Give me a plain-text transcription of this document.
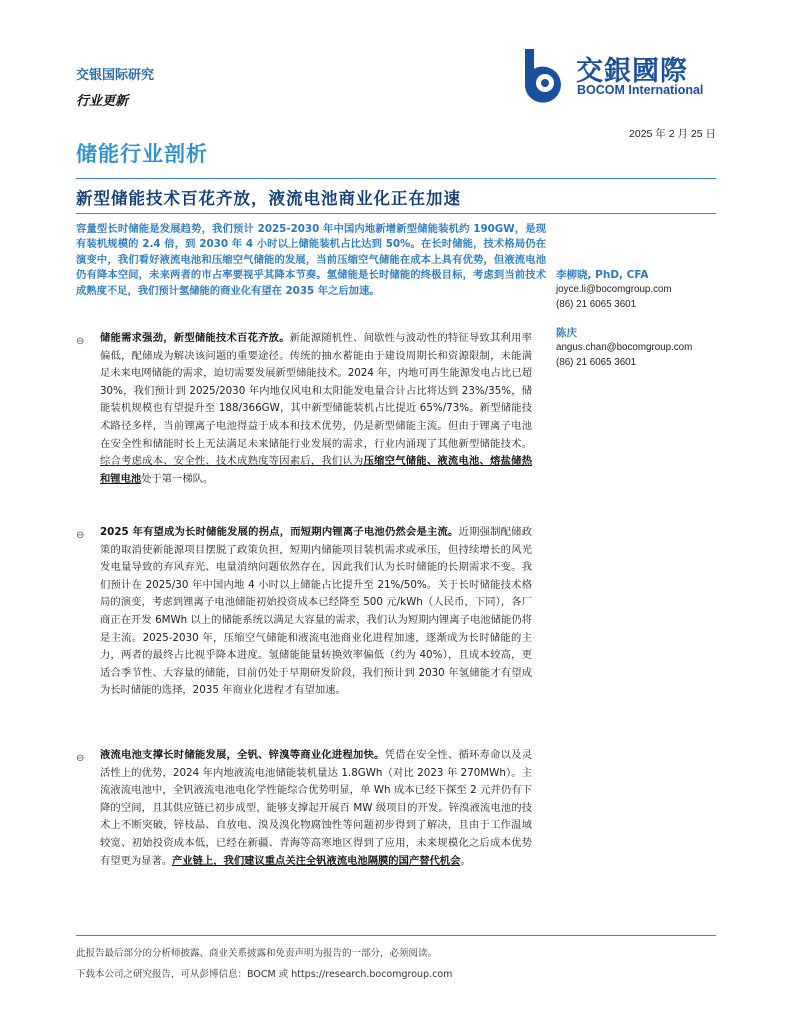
交银国际研究
行业更新
交銀國際
BOCOM International
2025 年 2 月 25 日
储能行业剖析
新型储能技术百花齐放，液流电池商业化正在加速
容量型长时储能是发展趋势，我们预计 2025-2030 年中国内地新增新型储能装机约 190GW，是现有装机规模的 2.4 倍，到 2030 年 4 小时以上储能装机占比达到 50%。在长时储能，技术格局仍在演变中，我们看好液流电池和压缩空气储能的发展，当前压缩空气储能在成本上具有优势，但液流电池仍有降本空间，未来两者的市占率要视乎其降本节奏。氢储能是长时储能的终极目标，考虑到当前技术成熟度不足，我们预计氢储能的商业化有望在 2035 年之后加速。
⊖ 储能需求强劲，新型储能技术百花齐放。新能源随机性、间歇性与波动性的特征导致其利用率偏低，配储成为解决该问题的重要途径。传统的抽水蓄能由于建设周期长和资源限制，未能满足未来电网储能的需求，迫切需要发展新型储能技术。2024 年，内地可再生能源发电占比已超 30%，我们预计到 2025/2030 年内地仅风电和太阳能发电量合计占比将达到 23%/35%，储能装机规模也有望提升至 188/366GW，其中新型储能装机占比提近 65%/73%。新型储能技术路径多样，当前锂离子电池得益于成本和技术优势，仍是新型储能主流。但由于锂离子电池在安全性和储能时长上无法满足未来储能行业发展的需求，行业内涌现了其他新型储能技术。综合考虑成本、安全性、技术成熟度等因素后，我们认为压缩空气储能、液流电池、熔盐储热和锂电池处于第一梯队。
⊖ 2025 年有望成为长时储能发展的拐点，而短期内锂离子电池仍然会是主流。近期强制配储政策的取消使新能源项目摆脱了政策负担，短期内储能项目装机需求或承压，但持续增长的风光发电量导致的弃风弃光、电量消纳问题依然存在，因此我们认为长时储能的长期需求不变。我们预计在 2025/30 年中国内地 4 小时以上储能占比提升至 21%/50%。关于长时储能技术格局的演变，考虑到锂离子电池储能初始投资成本已经降至 500 元/kWh（人民币，下同），各厂商正在开发 6MWh 以上的储能系统以满足大容量的需求，我们认为短期内锂离子电池储能仍将是主流。2025-2030 年，压缩空气储能和液流电池商业化进程加速，逐渐成为长时储能的主力，两者的最终占比视乎降本进度。氢储能能量转换效率偏低（约为 40%），且成本较高，更适合季节性、大容量的储能，目前仍处于早期研发阶段，我们预计到 2030 年氢储能才有望成为长时储能的选择，2035 年商业化进程才有望加速。
⊖ 液流电池支撑长时储能发展，全钒、锌溴等商业化进程加快。凭借在安全性、循环寿命以及灵活性上的优势，2024 年内地液流电池储能装机量达 1.8GWh（对比 2023 年 270MWh）。主流液流电池中，全钒液流电池电化学性能综合优势明显，单 Wh 成本已经下探至 2 元并仍有下降的空间，且其供应链已初步成型，能够支撑起开展百 MW 级项目的开发。锌溴液流电池的技术上不断突破，锌枝晶、自放电、溴及溴化物腐蚀性等问题初步得到了解决，且由于工作温域较宽、初始投资成本低，已经在新疆、青海等高寒地区得到了应用，未来规模化之后成本优势有望更为显著。产业链上，我们建议重点关注全钒液流电池隔膜的国产替代机会。
李柳晓, PhD, CFA
joyce.li@bocomgroup.com
(86) 21 6065 3601
陈庆
angus.chan@bocomgroup.com
(86) 21 6065 3601
此报告最后部分的分析师披露、商业关系披露和免责声明为报告的一部分，必须阅读。
下载本公司之研究报告，可从彭博信息：BOCM 或 https://research.bocomgroup.com
